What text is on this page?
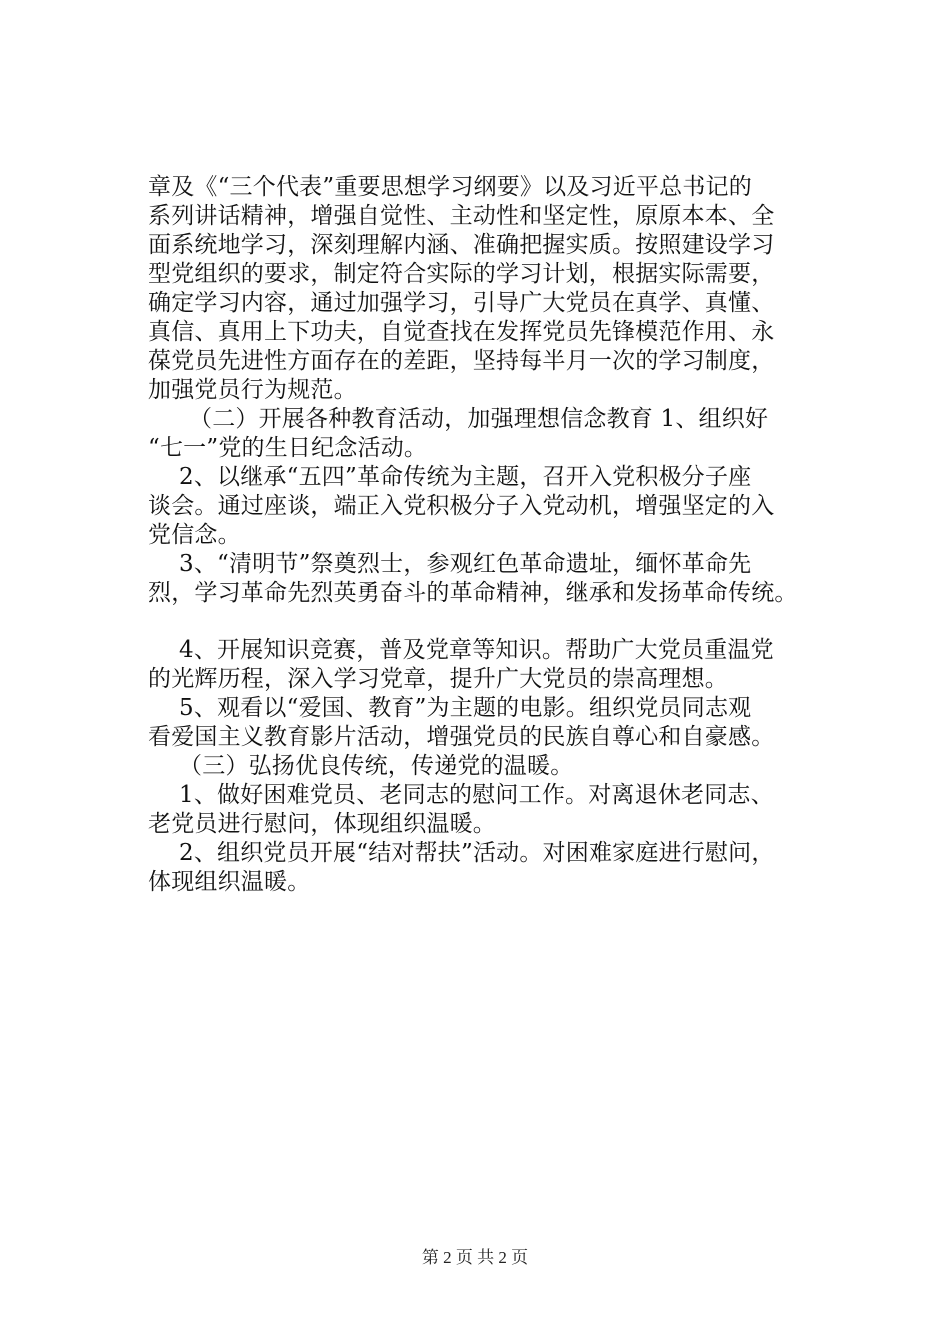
章及《“三个代表”重要思想学习纲要》以及习近平总书记的
系列讲话精神，增强自觉性、主动性和坚定性，原原本本、全
面系统地学习，深刻理解内涵、准确把握实质。按照建设学习
型党组织的要求，制定符合实际的学习计划，根据实际需要，
确定学习内容，通过加强学习，引导广大党员在真学、真懂、
真信、真用上下功夫，自觉查找在发挥党员先锋模范作用、永
葆党员先进性方面存在的差距，坚持每半月一次的学习制度，
加强党员行为规范。
（二）开展各种教育活动，加强理想信念教育 1、组织好
“七一”党的生日纪念活动。
2、以继承“五四”革命传统为主题，召开入党积极分子座
谈会。通过座谈，端正入党积极分子入党动机，增强坚定的入
党信念。
3、“清明节”祭奠烈士，参观红色革命遗址，缅怀革命先
烈，学习革命先烈英勇奋斗的革命精神，继承和发扬革命传统。
4、开展知识竞赛，普及党章等知识。帮助广大党员重温党
的光辉历程，深入学习党章，提升广大党员的崇高理想。
5、观看以“爱国、教育”为主题的电影。组织党员同志观
看爱国主义教育影片活动，增强党员的民族自尊心和自豪感。
（三）弘扬优良传统，传递党的温暖。
1、做好困难党员、老同志的慰问工作。对离退休老同志、
老党员进行慰问，体现组织温暖。
2、组织党员开展“结对帮扶”活动。对困难家庭进行慰问，
体现组织温暖。
第 2 页 共 2 页
